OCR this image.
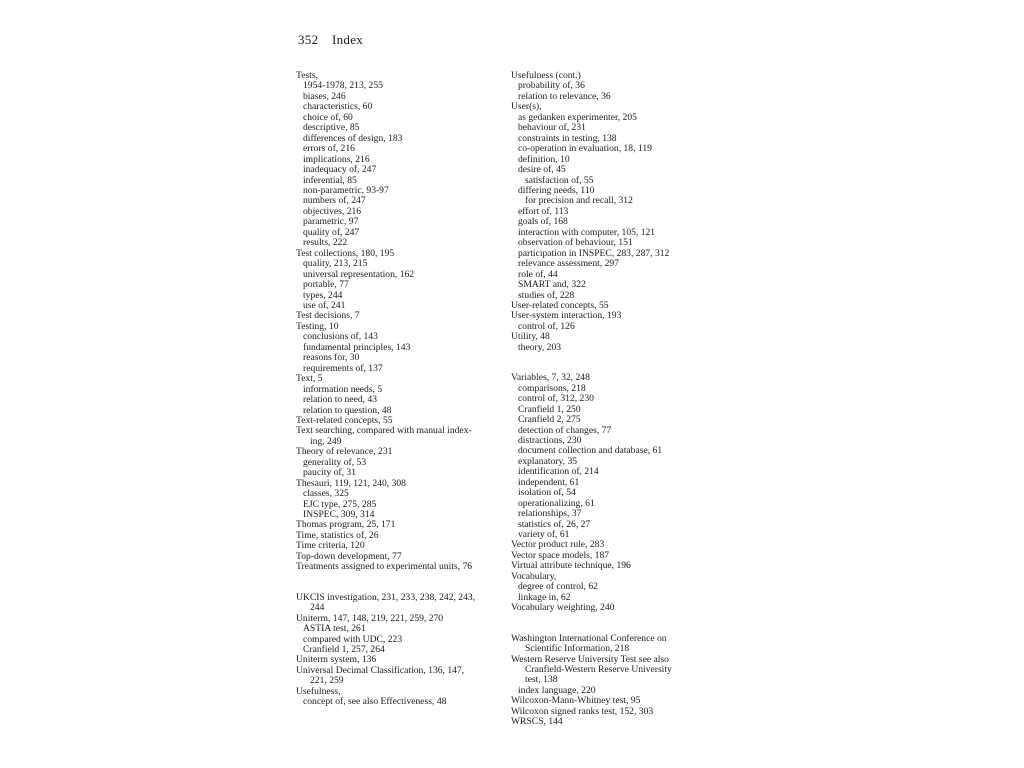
352 Index
Tests,
1954-1978, 213, 255
biases, 246
characteristics, 60
choice of, 60
descriptive, 85
differences of design, 183
errors of, 216
implications, 216
inadequacy of, 247
inferential, 85
non-parametric, 93-97
numbers of, 247
objectives, 216
parametric, 97
quality of, 247
results, 222
Test collections, 180, 195
quality, 213, 215
universal representation, 162
portable, 77
types, 244
use of, 241
Test decisions, 7
Testing, 10
conclusions of, 143
fundamental principles, 143
reasons for, 30
requirements of, 137
Text, 5
information needs, 5
relation to need, 43
relation to question, 48
Text-related concepts, 55
Text searching, compared with manual index-
ing, 249
Theory of relevance, 231
generality of, 53
paucity of, 31
Thesauri, 119, 121, 240, 308
classes, 325
EJC type, 275, 285
INSPEC, 309, 314
Thomas program, 25, 171
Time, statistics of, 26
Time criteria, 120
Top-down development, 77
Treatments assigned to experimental units, 76
UKCIS investigation, 231, 233, 238, 242, 243,
244
Uniterm, 147, 148, 219, 221, 259, 270
ASTIA test, 261
compared with UDC, 223
Cranfield 1, 257, 264
Uniterm system, 136
Universal Decimal Classification, 136, 147,
221, 259
Usefulness,
concept of, see also Effectiveness, 48
Usefulness (cont.)
probability of, 36
relation to relevance, 36
User(s),
as gedanken experimenter, 205
behaviour of, 231
constraints in testing, 138
co-operation in evaluation, 18, 119
definition, 10
desire of, 45
satisfaction of, 55
differing needs, 110
for precision and recall, 312
effort of, 113
goals of, 168
interaction with computer, 105, 121
observation of behaviour, 151
participation in INSPEC, 283, 287, 312
relevance assessment, 297
role of, 44
SMART and, 322
studies of, 228
User-related concepts, 55
User-system interaction, 193
control of, 126
Utility, 48
theory, 203
Variables, 7, 32, 248
comparisons, 218
control of, 312, 230
Cranfield 1, 250
Cranfield 2, 275
detection of changes, 77
distractions, 230
document collection and database, 61
explanatory, 35
identification of, 214
independent, 61
isolation of, 54
operationalizing, 61
relationships, 37
statistics of, 26, 27
variety of, 61
Vector product rule, 283
Vector space models, 187
Virtual attribute technique, 196
Vocabulary,
degree of control, 62
linkage in, 62
Vocabulary weighting, 240
Washington International Conference on
Scientific Information, 218
Western Reserve University Test see also
Cranfield-Western Reserve University
test, 138
index language, 220
Wilcoxon-Mann-Whitney test, 95
Wilcoxon signed ranks test, 152, 303
WRSCS, 144
